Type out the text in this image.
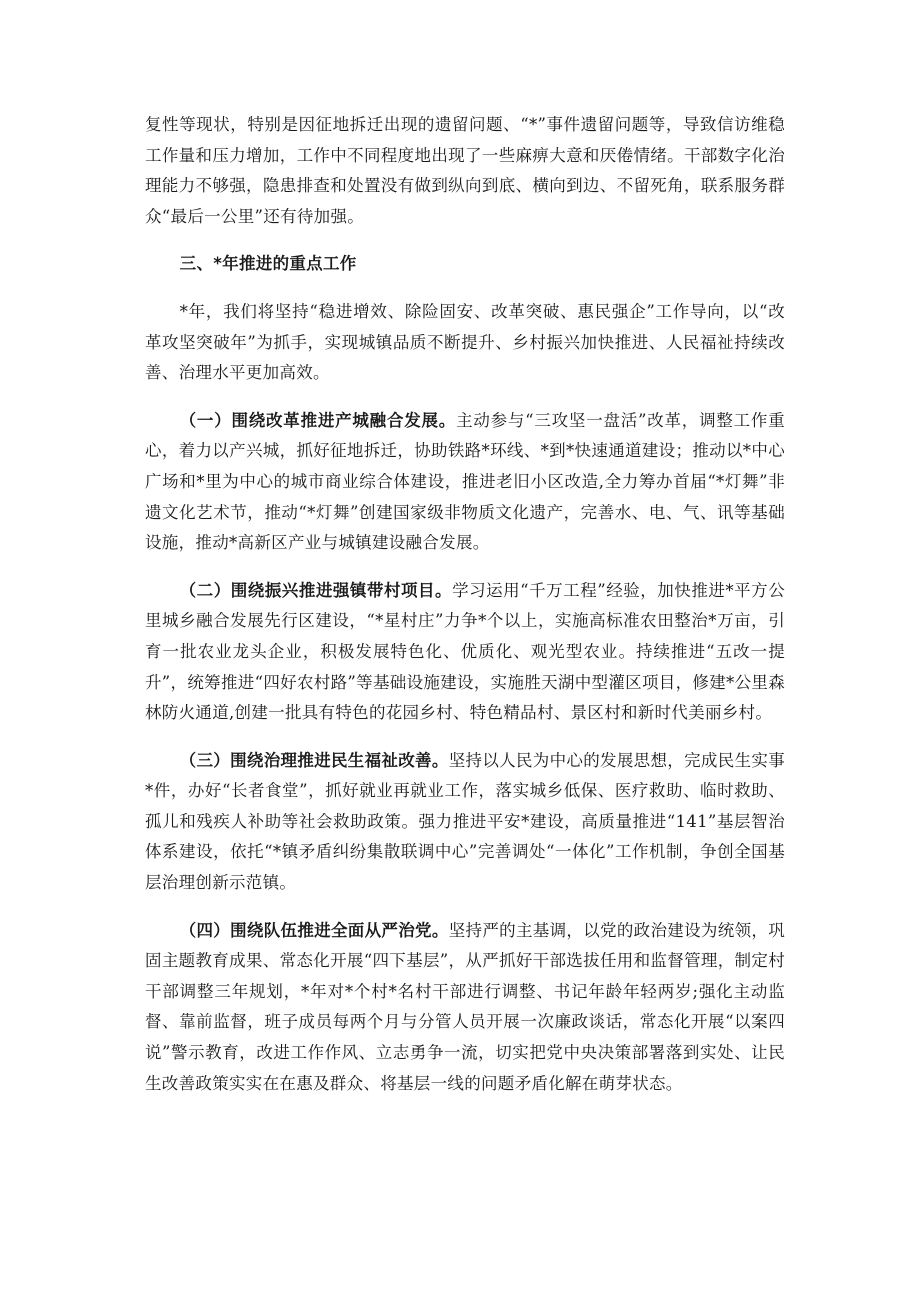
复性等现状，特别是因征地拆迁出现的遗留问题、“*”事件遗留问题等，导致信访维稳工作量和压力增加，工作中不同程度地出现了一些麻痹大意和厌倦情绪。干部数字化治理能力不够强，隐患排查和处置没有做到纵向到底、横向到边、不留死角，联系服务群众“最后一公里”还有待加强。

三、*年推进的重点工作

*年，我们将坚持“稳进增效、除险固安、改革突破、惠民强企”工作导向，以“改革攻坚突破年”为抓手，实现城镇品质不断提升、乡村振兴加快推进、人民福祉持续改善、治理水平更加高效。

（一）围绕改革推进产城融合发展。主动参与“三攻坚一盘活”改革，调整工作重心，着力以产兴城，抓好征地拆迁，协助铁路*环线、*到*快速通道建设；推动以*中心广场和*里为中心的城市商业综合体建设，推进老旧小区改造,全力筹办首届“*灯舞”非遗文化艺术节，推动“*灯舞”创建国家级非物质文化遗产，完善水、电、气、讯等基础设施，推动*高新区产业与城镇建设融合发展。

（二）围绕振兴推进强镇带村项目。学习运用“千万工程”经验，加快推进*平方公里城乡融合发展先行区建设，“*星村庄”力争*个以上，实施高标准农田整治*万亩，引育一批农业龙头企业，积极发展特色化、优质化、观光型农业。持续推进“五改一提升”，统筹推进“四好农村路”等基础设施建设，实施胜天湖中型灌区项目，修建*公里森林防火通道,创建一批具有特色的花园乡村、特色精品村、景区村和新时代美丽乡村。

（三）围绕治理推进民生福祉改善。坚持以人民为中心的发展思想，完成民生实事*件，办好“长者食堂”，抓好就业再就业工作，落实城乡低保、医疗救助、临时救助、孤儿和残疾人补助等社会救助政策。强力推进平安*建设，高质量推进“141”基层智治体系建设，依托“*镇矛盾纠纷集散联调中心”完善调处“一体化”工作机制，争创全国基层治理创新示范镇。

（四）围绕队伍推进全面从严治党。坚持严的主基调，以党的政治建设为统领，巩固主题教育成果、常态化开展“四下基层”，从严抓好干部选拔任用和监督管理，制定村干部调整三年规划，*年对*个村*名村干部进行调整、书记年龄年轻两岁;强化主动监督、靠前监督，班子成员每两个月与分管人员开展一次廉政谈话，常态化开展“以案四说”警示教育，改进工作作风、立志勇争一流，切实把党中央决策部署落到实处、让民生改善政策实实在在惠及群众、将基层一线的问题矛盾化解在萌芽状态。
